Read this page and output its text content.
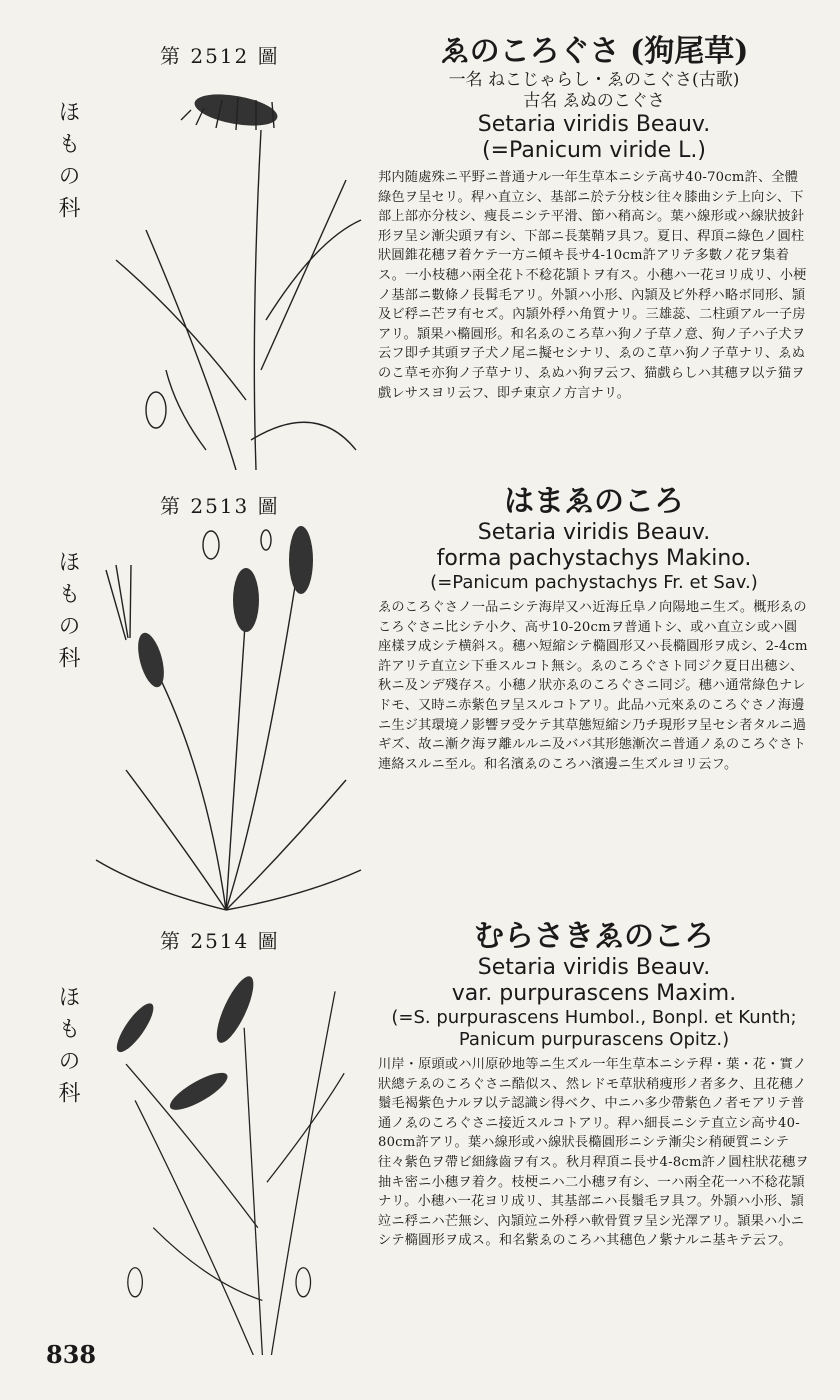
第 2512 圖
ほもの科
ゑのころぐさ (狗尾草)
一名 ねこじゃらし・ゑのこぐさ(古歌)
古名 ゑぬのこぐさ
Setaria viridis Beauv.
(=Panicum viride L.)
邦内随處殊ニ平野ニ普通ナル一年生草本ニシテ高サ40-70cm許、全體綠色ヲ呈セリ。稈ハ直立シ、基部ニ於テ分枝シ往々膝曲シテ上向シ、下部上部亦分枝シ、痩長ニシテ平滑、節ハ稍高シ。葉ハ線形或ハ線狀披針形ヲ呈シ漸尖頭ヲ有シ、下部ニ長葉鞘ヲ具フ。夏日、稈頂ニ綠色ノ圓柱狀圓錐花穗ヲ着ケテ一方ニ傾キ長サ4-10cm許アリテ多數ノ花ヲ集着ス。一小枝穗ハ兩全花ト不稔花頴トヲ有ス。小穗ハ一花ヨリ成リ、小梗ノ基部ニ數條ノ長髯毛アリ。外頴ハ小形、內頴及ビ外稃ハ略ボ同形、頴及ビ稃ニ芒ヲ有セズ。內頴外稃ハ角質ナリ。三雄蕊、二柱頭アル一子房アリ。頴果ハ橢圓形。和名ゑのころ草ハ狗ノ子草ノ意、狗ノ子ハ子犬ヲ云フ即チ其頭ヲ子犬ノ尾ニ擬セシナリ、ゑのこ草ハ狗ノ子草ナリ、ゑぬのこ草モ亦狗ノ子草ナリ、ゑぬハ狗ヲ云フ、猫戲らしハ其穗ヲ以テ猫ヲ戲レサスヨリ云フ、即チ東京ノ方言ナリ。
第 2513 圖
ほもの科
はまゑのころ
Setaria viridis Beauv.
forma pachystachys Makino.
(=Panicum pachystachys Fr. et Sav.)
ゑのころぐさノ一品ニシテ海岸又ハ近海丘阜ノ向陽地ニ生ズ。概形ゑのころぐさニ比シテ小ク、高サ10-20cmヲ普通トシ、或ハ直立シ或ハ圓座樣ヲ成シテ横斜ス。穗ハ短縮シテ橢圓形又ハ長橢圓形ヲ成シ、2-4cm許アリテ直立シ下垂スルコト無シ。ゑのころぐさト同ジク夏日出穗シ、秋ニ及ンデ殘存ス。小穗ノ狀亦ゑのころぐさニ同ジ。穗ハ通常綠色ナレドモ、又時ニ赤紫色ヲ呈スルコトアリ。此品ハ元來ゑのころぐさノ海邊ニ生ジ其環境ノ影響ヲ受ケテ其草態短縮シ乃チ現形ヲ呈セシ者タルニ過ギズ、故ニ漸ク海ヲ離ルルニ及ババ其形態漸次ニ普通ノゑのころぐさト連絡スルニ至ル。和名濱ゑのころハ濱邊ニ生ズルヨリ云フ。
第 2514 圖
ほもの科
むらさきゑのころ
Setaria viridis Beauv.
var. purpurascens Maxim.
(=S. purpurascens Humbol., Bonpl. et Kunth; Panicum purpurascens Opitz.)
川岸・原頭或ハ川原砂地等ニ生ズル一年生草本ニシテ稈・葉・花・實ノ狀總テゑのころぐさニ酷似ス、然レドモ草狀稍痩形ノ者多ク、且花穗ノ鬚毛褐紫色ナルヲ以テ認識シ得ベク、中ニハ多少帶紫色ノ者モアリテ普通ノゑのころぐさニ接近スルコトアリ。稈ハ細長ニシテ直立シ高サ40-80cm許アリ。葉ハ線形或ハ線狀長橢圓形ニシテ漸尖シ稍硬質ニシテ往々紫色ヲ帶ビ細緣齒ヲ有ス。秋月稈頂ニ長サ4-8cm許ノ圓柱狀花穗ヲ抽キ密ニ小穗ヲ着ク。枝梗ニハ二小穗ヲ有シ、一ハ兩全花一ハ不稔花頴ナリ。小穗ハ一花ヨリ成リ、其基部ニハ長鬚毛ヲ具フ。外頴ハ小形、頴竝ニ稃ニハ芒無シ、內頴竝ニ外稃ハ軟骨質ヲ呈シ光澤アリ。頴果ハ小ニシテ橢圓形ヲ成ス。和名紫ゑのころハ其穗色ノ紫ナルニ基キテ云フ。
838
